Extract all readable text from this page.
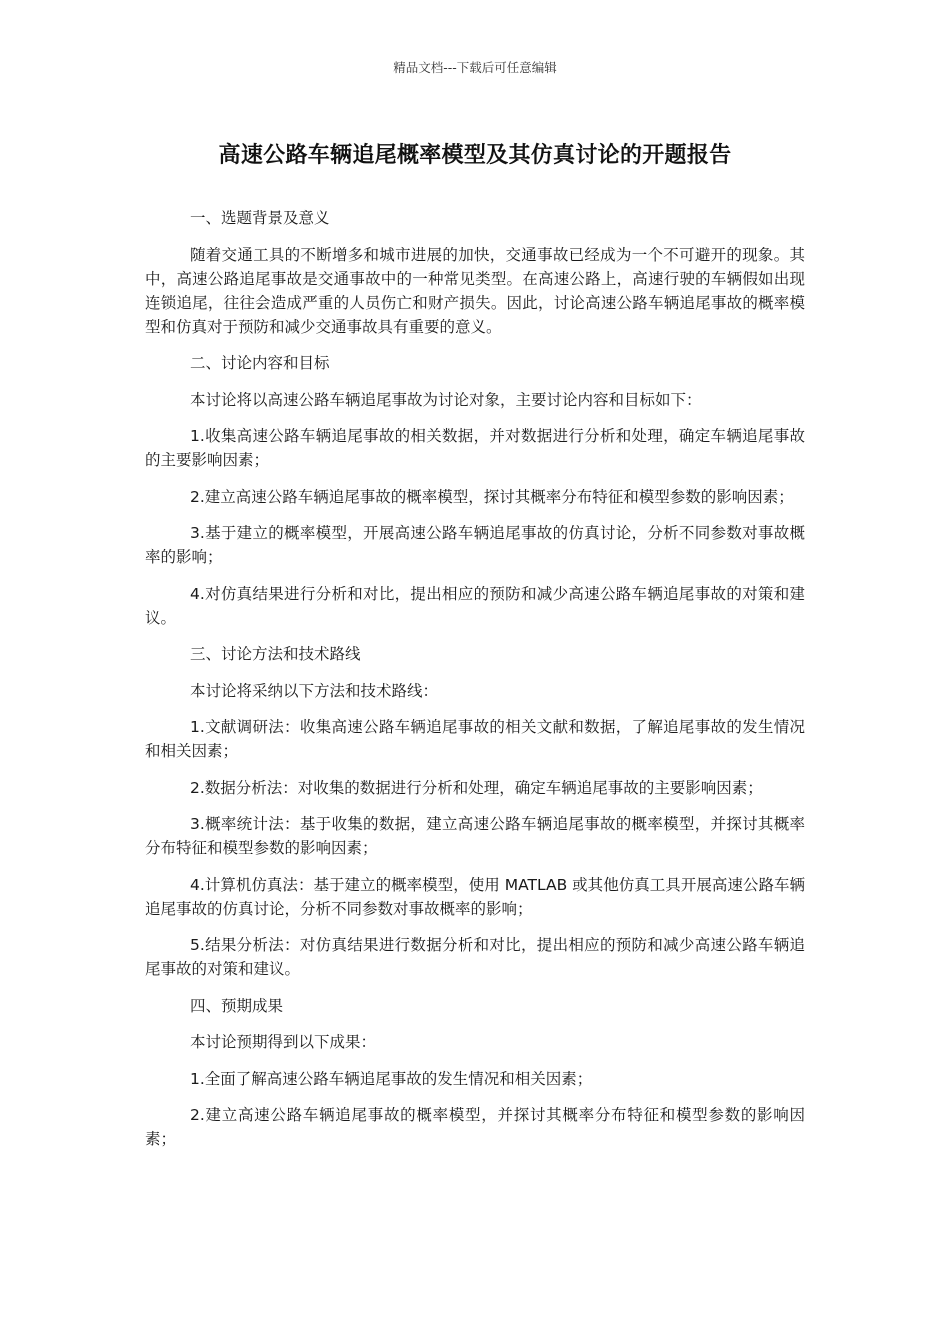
精品文档---下载后可任意编辑
高速公路车辆追尾概率模型及其仿真讨论的开题报告

一、选题背景及意义

随着交通工具的不断增多和城市进展的加快，交通事故已经成为一个不可避开的现象。其中，高速公路追尾事故是交通事故中的一种常见类型。在高速公路上，高速行驶的车辆假如出现连锁追尾，往往会造成严重的人员伤亡和财产损失。因此，讨论高速公路车辆追尾事故的概率模型和仿真对于预防和减少交通事故具有重要的意义。

二、讨论内容和目标

本讨论将以高速公路车辆追尾事故为讨论对象，主要讨论内容和目标如下：

1.收集高速公路车辆追尾事故的相关数据，并对数据进行分析和处理，确定车辆追尾事故的主要影响因素；

2.建立高速公路车辆追尾事故的概率模型，探讨其概率分布特征和模型参数的影响因素；

3.基于建立的概率模型，开展高速公路车辆追尾事故的仿真讨论，分析不同参数对事故概率的影响；

4.对仿真结果进行分析和对比，提出相应的预防和减少高速公路车辆追尾事故的对策和建议。

三、讨论方法和技术路线

本讨论将采纳以下方法和技术路线：

1.文献调研法：收集高速公路车辆追尾事故的相关文献和数据，了解追尾事故的发生情况和相关因素；

2.数据分析法：对收集的数据进行分析和处理，确定车辆追尾事故的主要影响因素；

3.概率统计法：基于收集的数据，建立高速公路车辆追尾事故的概率模型，并探讨其概率分布特征和模型参数的影响因素；

4.计算机仿真法：基于建立的概率模型，使用 MATLAB 或其他仿真工具开展高速公路车辆追尾事故的仿真讨论，分析不同参数对事故概率的影响；

5.结果分析法：对仿真结果进行数据分析和对比，提出相应的预防和减少高速公路车辆追尾事故的对策和建议。

四、预期成果

本讨论预期得到以下成果：

1.全面了解高速公路车辆追尾事故的发生情况和相关因素；

2.建立高速公路车辆追尾事故的概率模型，并探讨其概率分布特征和模型参数的影响因素；
